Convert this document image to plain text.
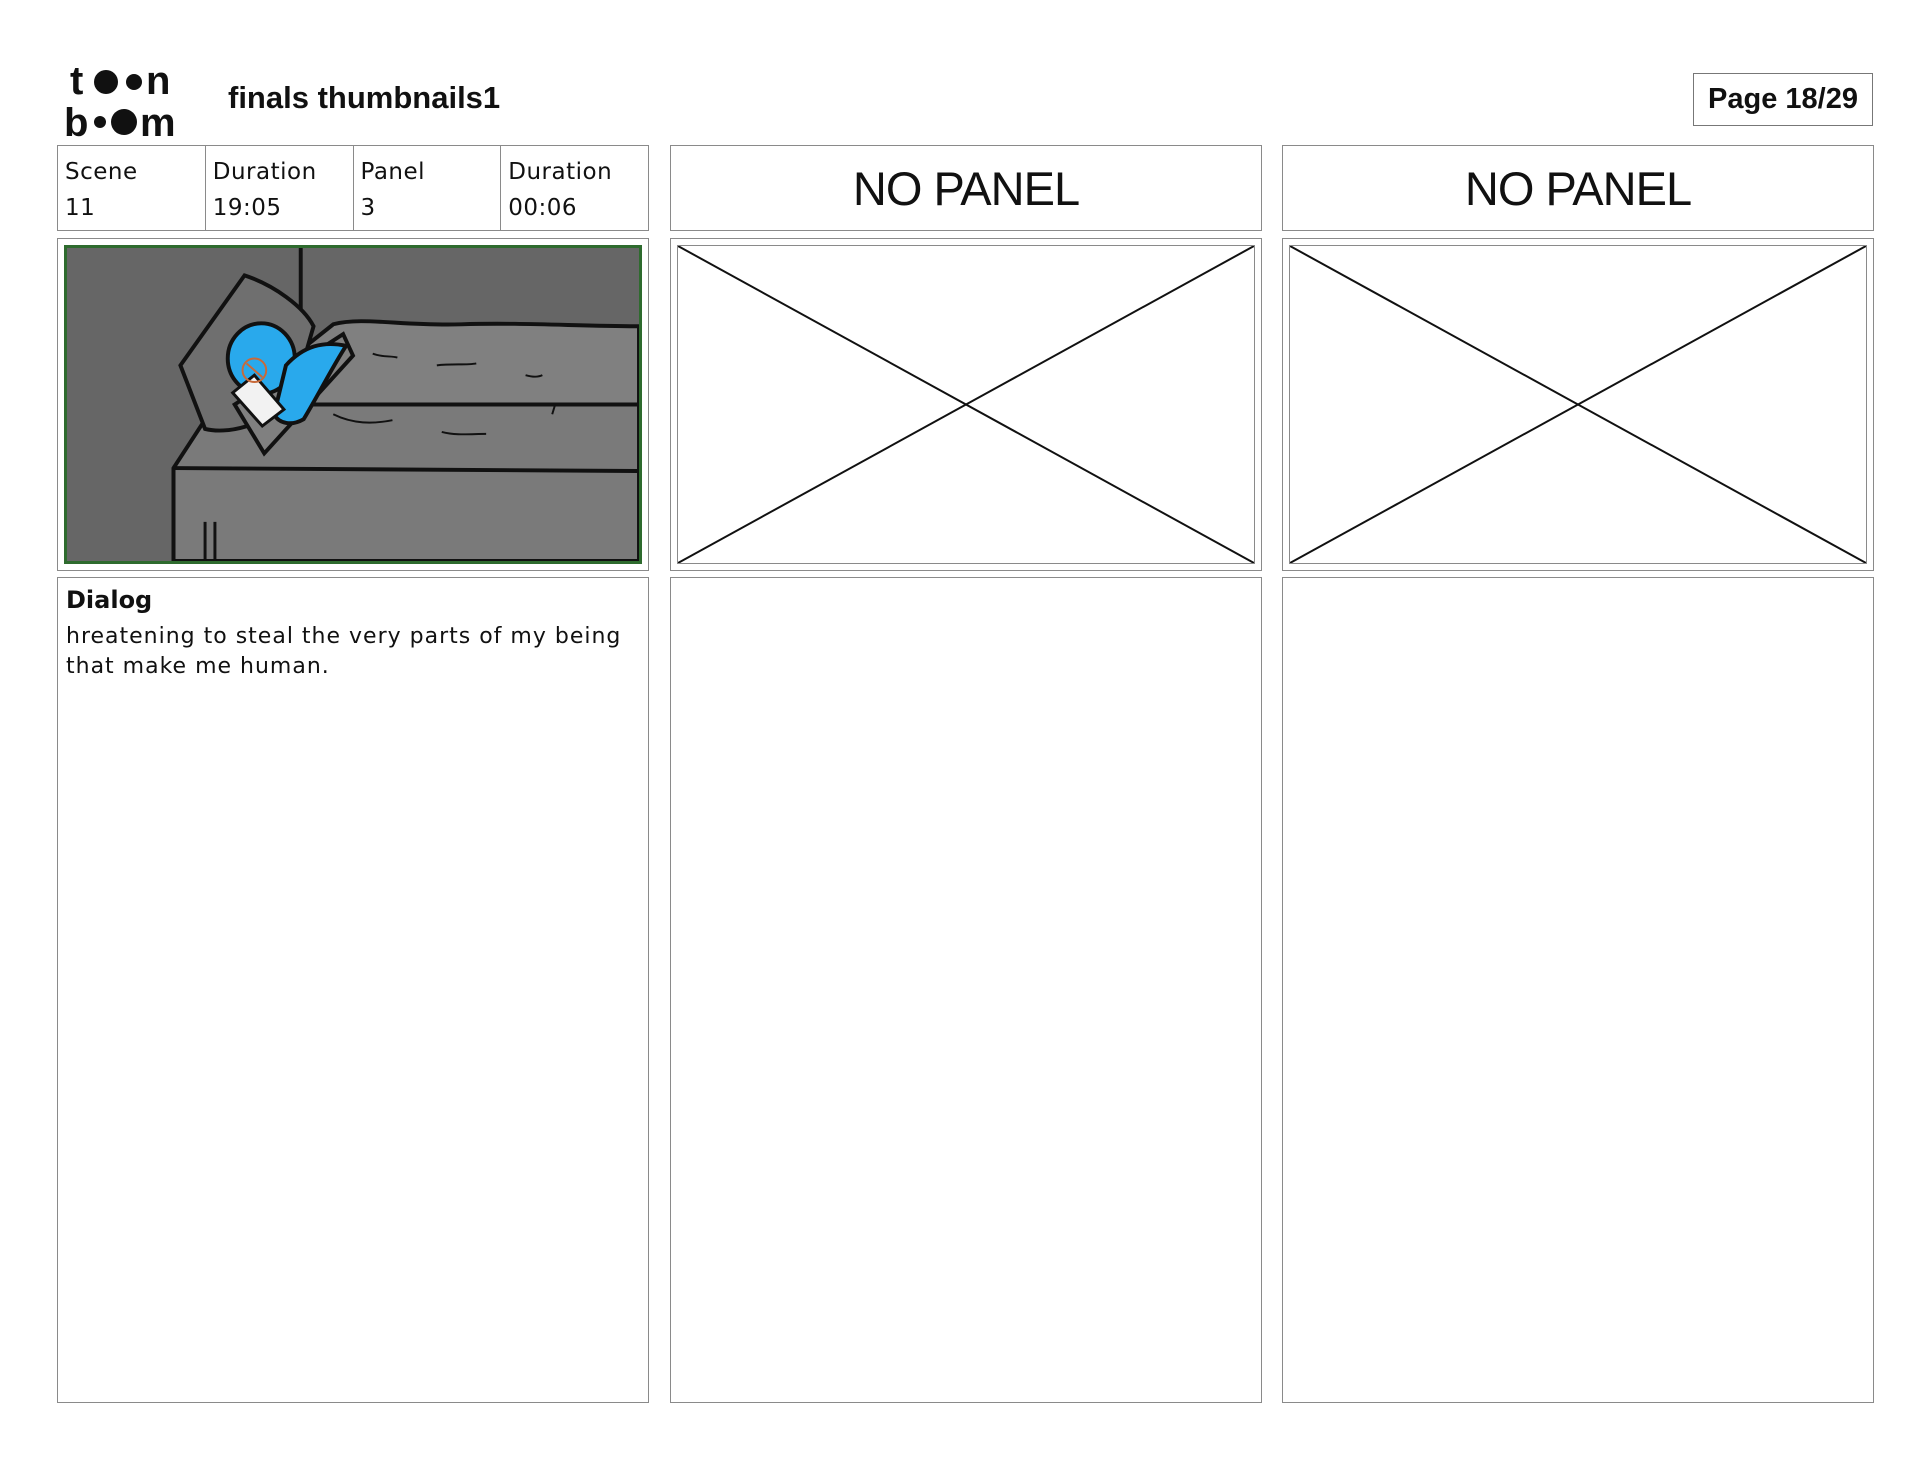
t n
b m
finals thumbnails1	Page 18/29
Scene
11
Duration
19:05
Panel
3
Duration
00:06
Dialog
hreatening to steal the very parts of my being that make me human.
NO PANEL	NO PANEL
